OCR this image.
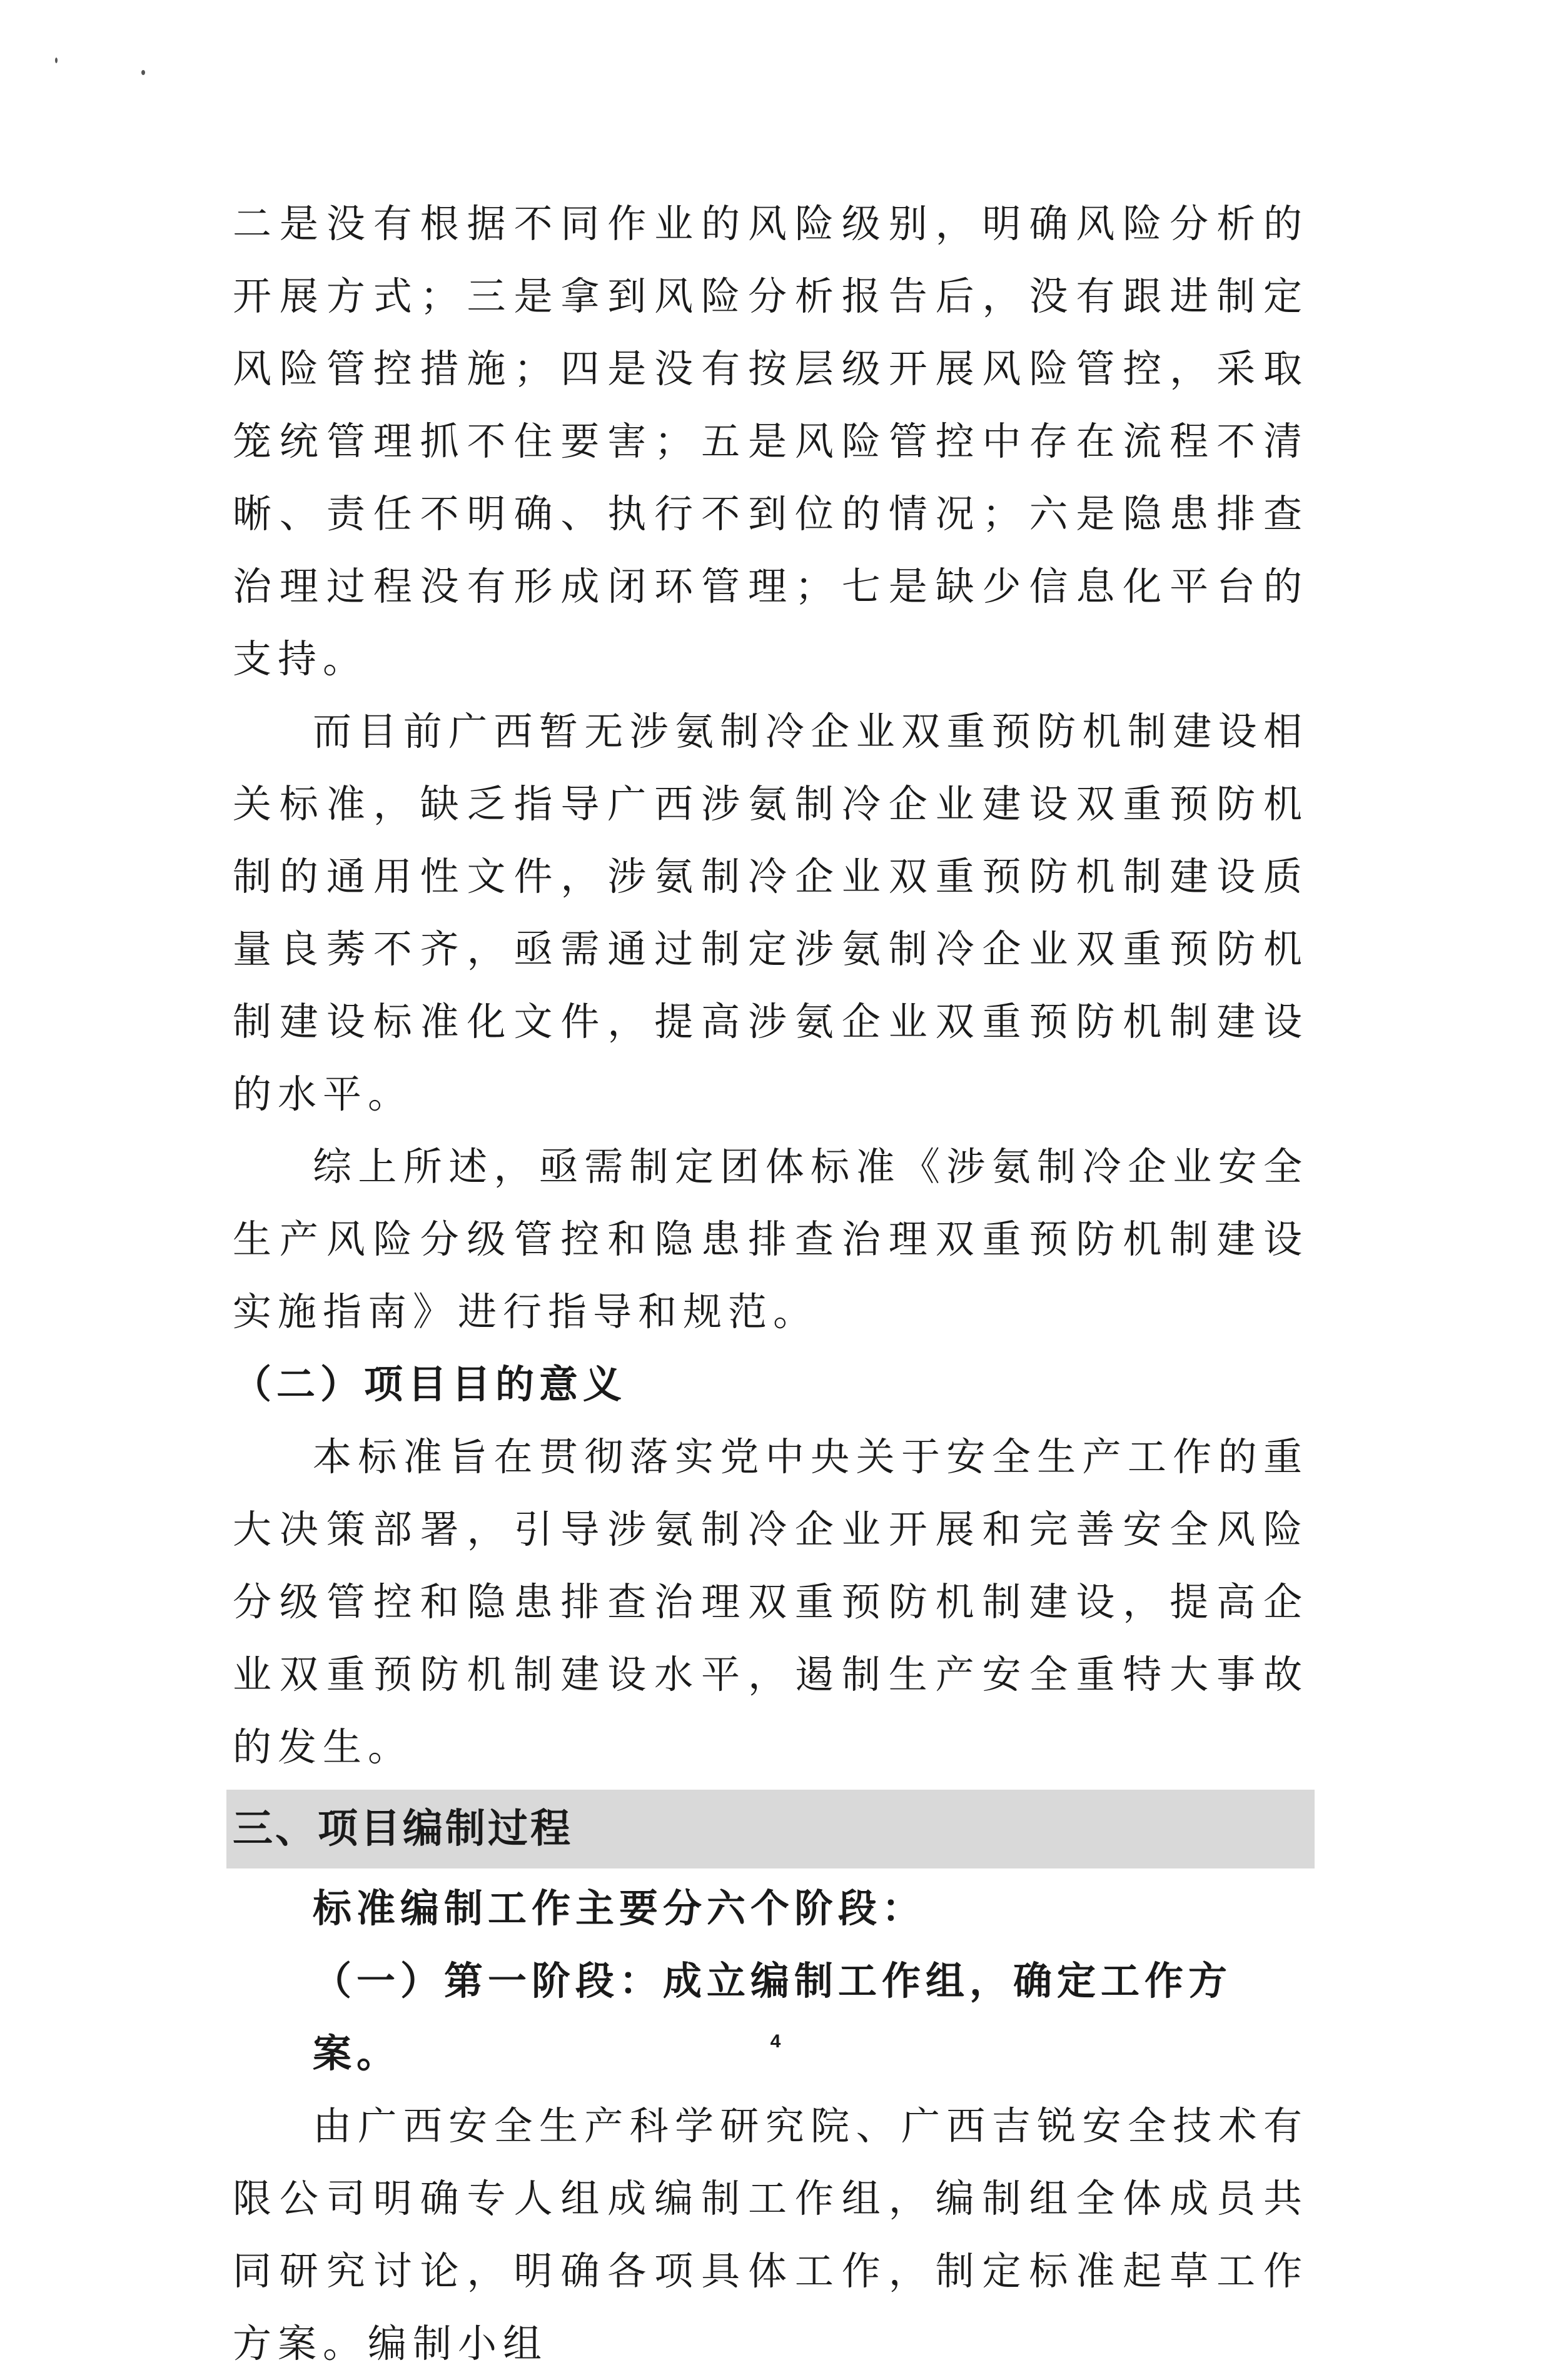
二是没有根据不同作业的风险级别，明确风险分析的开展方式；三是拿到风险分析报告后，没有跟进制定风险管控措施；四是没有按层级开展风险管控，采取笼统管理抓不住要害；五是风险管控中存在流程不清晰、责任不明确、执行不到位的情况；六是隐患排查治理过程没有形成闭环管理；七是缺少信息化平台的支持。

而目前广西暂无涉氨制冷企业双重预防机制建设相关标准，缺乏指导广西涉氨制冷企业建设双重预防机制的通用性文件，涉氨制冷企业双重预防机制建设质量良莠不齐，亟需通过制定涉氨制冷企业双重预防机制建设标准化文件，提高涉氨企业双重预防机制建设的水平。

综上所述，亟需制定团体标准《涉氨制冷企业安全生产风险分级管控和隐患排查治理双重预防机制建设实施指南》进行指导和规范。

（二）项目目的意义

本标准旨在贯彻落实党中央关于安全生产工作的重大决策部署，引导涉氨制冷企业开展和完善安全风险分级管控和隐患排查治理双重预防机制建设，提高企业双重预防机制建设水平，遏制生产安全重特大事故的发生。

三、项目编制过程

标准编制工作主要分六个阶段：

（一）第一阶段：成立编制工作组，确定工作方案。

由广西安全生产科学研究院、广西吉锐安全技术有限公司明确专人组成编制工作组，编制组全体成员共同研究讨论，明确各项具体工作，制定标准起草工作方案。编制小组

4
